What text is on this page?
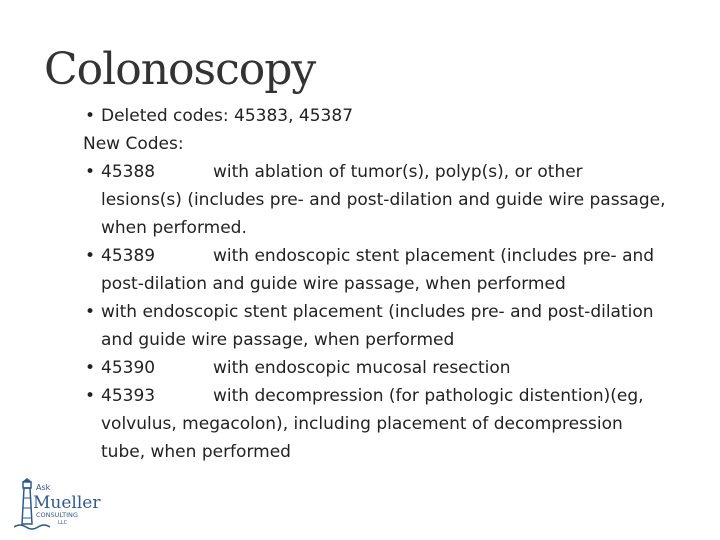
Colonoscopy
• Deleted codes: 45383, 45387
New Codes:
• 45388	with ablation of tumor(s), polyp(s), or other
lesions(s) (includes pre- and post-dilation and guide wire passage,
when performed.
• 45389	with endoscopic stent placement (includes pre- and
post-dilation and guide wire passage, when performed
• with endoscopic stent placement (includes pre- and post-dilation
and guide wire passage, when performed
• 45390	with endoscopic mucosal resection
• 45393	with decompression (for pathologic distention)(eg,
volvulus, megacolon), including placement of decompression
tube, when performed
Ask
Mueller
CONSULTING
LLC
